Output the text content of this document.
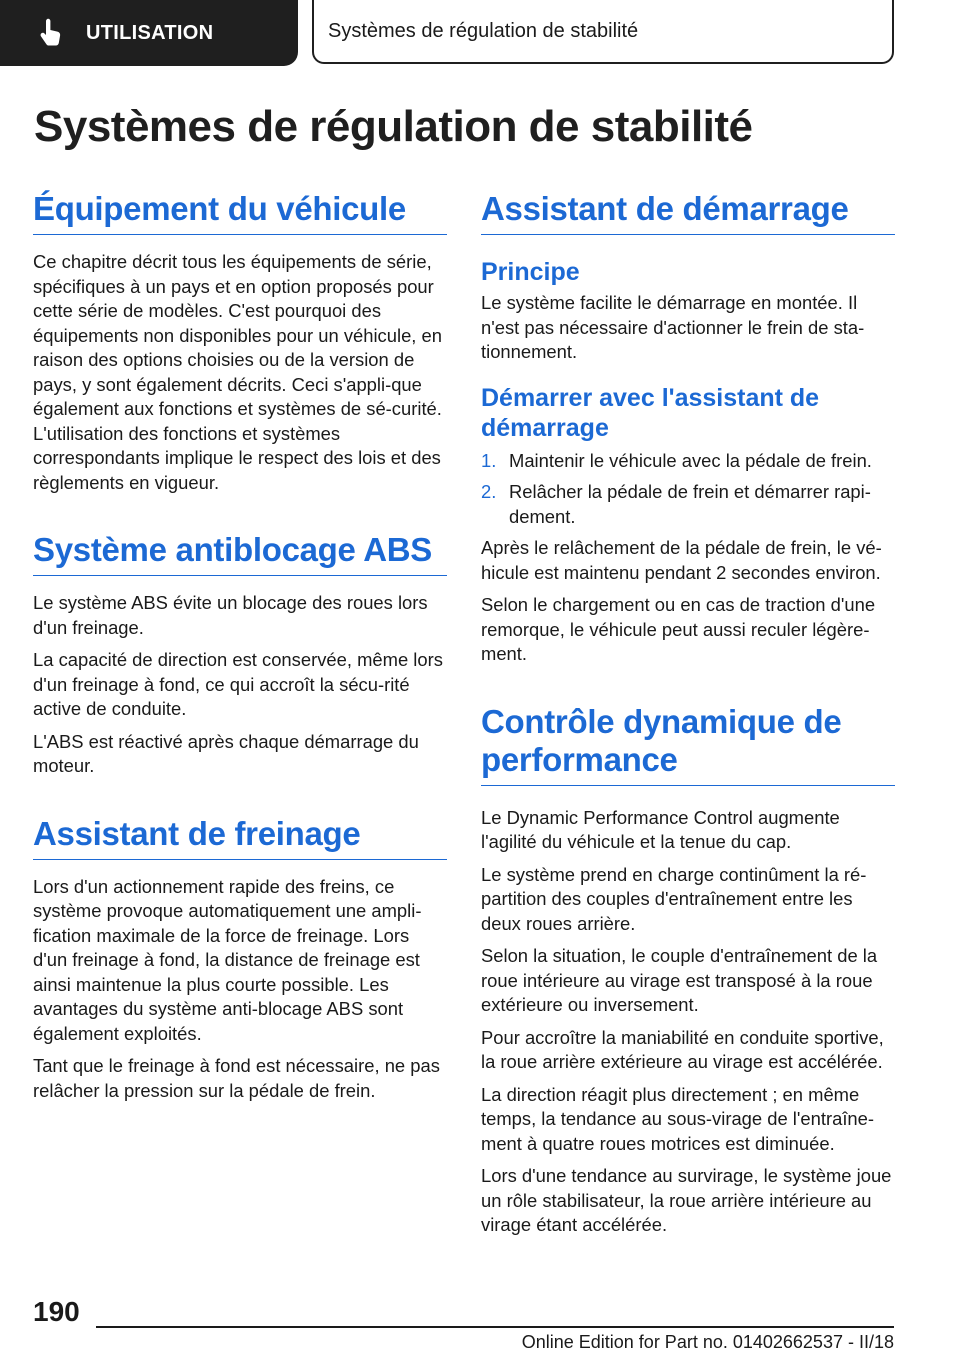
UTILISATION	Systèmes de régulation de stabilité
Systèmes de régulation de stabilité
Équipement du véhicule

Ce chapitre décrit tous les équipements de série, spécifiques à un pays et en option proposés pour cette série de modèles. C'est pourquoi des équipements non disponibles pour un véhicule, en raison des options choisies ou de la version de pays, y sont également décrits. Ceci s'appli-que également aux fonctions et systèmes de sé-curité. L'utilisation des fonctions et systèmes correspondants implique le respect des lois et des règlements en vigueur.

Système antiblocage ABS

Le système ABS évite un blocage des roues lors d'un freinage.

La capacité de direction est conservée, même lors d'un freinage à fond, ce qui accroît la sécu-rité active de conduite.

L'ABS est réactivé après chaque démarrage du moteur.

Assistant de freinage

Lors d'un actionnement rapide des freins, ce système provoque automatiquement une ampli-fication maximale de la force de freinage. Lors d'un freinage à fond, la distance de freinage est ainsi maintenue la plus courte possible. Les avantages du système anti-blocage ABS sont également exploités.

Tant que le freinage à fond est nécessaire, ne pas relâcher la pression sur la pédale de frein.

Assistant de démarrage
Principe

Le système facilite le démarrage en montée. Il n'est pas nécessaire d'actionner le frein de sta-tionnement.

Démarrer avec l'assistant de démarrage
1. Maintenir le véhicule avec la pédale de frein.
2. Relâcher la pédale de frein et démarrer rapi-dement.

Après le relâchement de la pédale de frein, le vé-hicule est maintenu pendant 2 secondes environ.

Selon le chargement ou en cas de traction d'une remorque, le véhicule peut aussi reculer légère-ment.

Contrôle dynamique de performance

Le Dynamic Performance Control augmente l'agilité du véhicule et la tenue du cap.

Le système prend en charge continûment la ré-partition des couples d'entraînement entre les deux roues arrière.

Selon la situation, le couple d'entraînement de la roue intérieure au virage est transposé à la roue extérieure ou inversement.

Pour accroître la maniabilité en conduite sportive, la roue arrière extérieure au virage est accélérée.

La direction réagit plus directement ; en même temps, la tendance au sous-virage de l'entraîne-ment à quatre roues motrices est diminuée.

Lors d'une tendance au survirage, le système joue un rôle stabilisateur, la roue arrière intérieure au virage étant accélérée.

190
Online Edition for Part no. 01402662537 - II/18
